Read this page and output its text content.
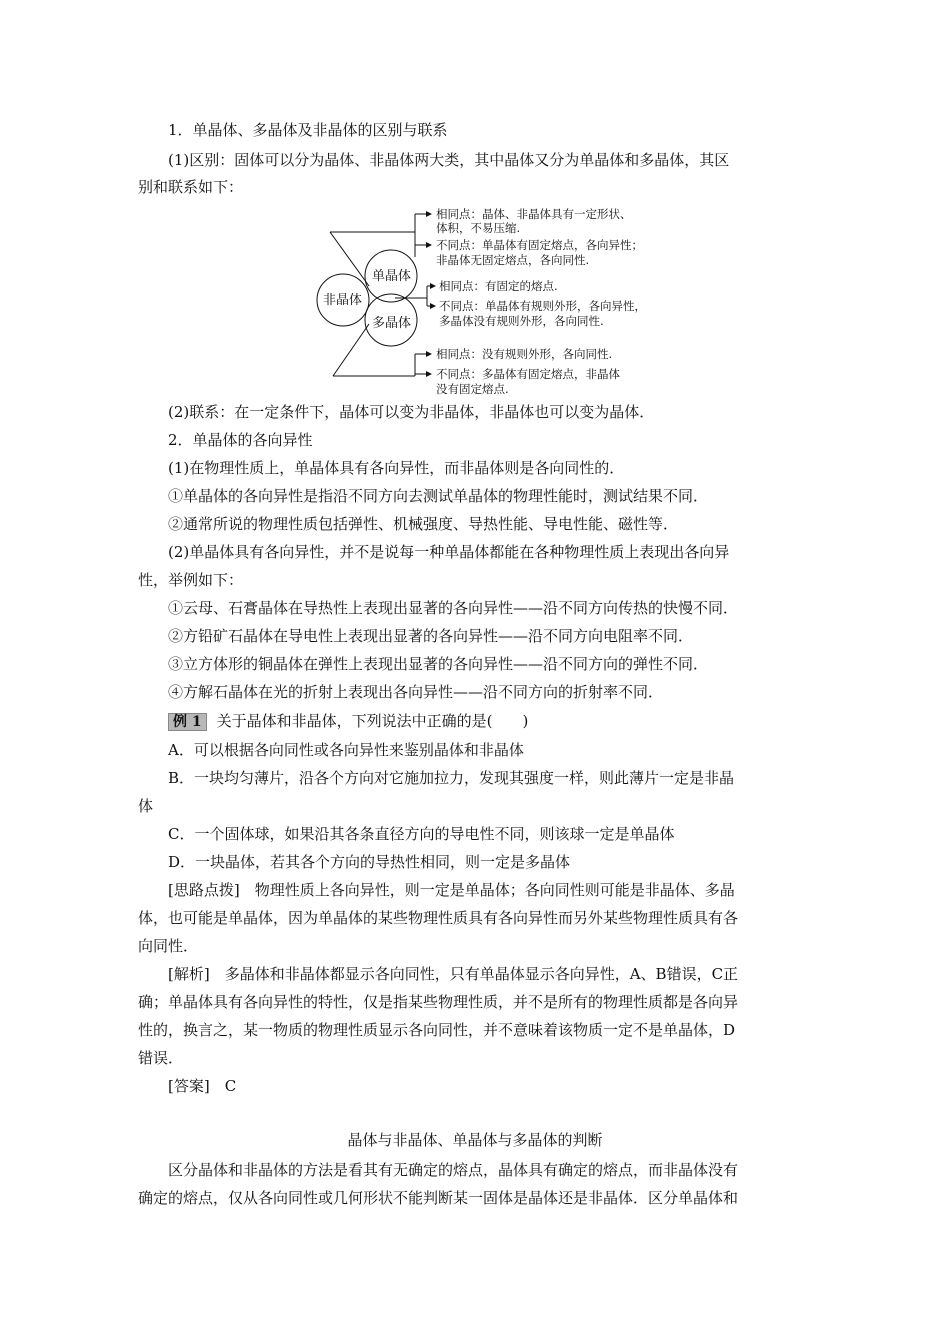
1．单晶体、多晶体及非晶体的区别与联系
(1)区别：固体可以分为晶体、非晶体两大类，其中晶体又分为单晶体和多晶体，其区
别和联系如下：
非晶体
单晶体
多晶体
相同点：晶体、非晶体具有一定形状、
体积，不易压缩.
不同点：单晶体有固定熔点，各向异性；
非晶体无固定熔点，各向同性.
相同点：有固定的熔点.
不同点：单晶体有规则外形，各向异性，
多晶体没有规则外形，各向同性.
相同点：没有规则外形，各向同性.
不同点：多晶体有固定熔点，非晶体
没有固定熔点.
(2)联系：在一定条件下，晶体可以变为非晶体，非晶体也可以变为晶体．
2．单晶体的各向异性
(1)在物理性质上，单晶体具有各向异性，而非晶体则是各向同性的．
①单晶体的各向异性是指沿不同方向去测试单晶体的物理性能时，测试结果不同．
②通常所说的物理性质包括弹性、机械强度、导热性能、导电性能、磁性等．
(2)单晶体具有各向异性，并不是说每一种单晶体都能在各种物理性质上表现出各向异
性，举例如下：
①云母、石膏晶体在导热性上表现出显著的各向异性——沿不同方向传热的快慢不同．
②方铅矿石晶体在导电性上表现出显著的各向异性——沿不同方向电阻率不同．
③立方体形的铜晶体在弹性上表现出显著的各向异性——沿不同方向的弹性不同．
④方解石晶体在光的折射上表现出各向异性——沿不同方向的折射率不同．
例 1 关于晶体和非晶体，下列说法中正确的是(　　)
A．可以根据各向同性或各向异性来鉴别晶体和非晶体
B．一块均匀薄片，沿各个方向对它施加拉力，发现其强度一样，则此薄片一定是非晶
体
C．一个固体球，如果沿其各条直径方向的导电性不同，则该球一定是单晶体
D．一块晶体，若其各个方向的导热性相同，则一定是多晶体
[思路点拨]　物理性质上各向异性，则一定是单晶体；各向同性则可能是非晶体、多晶
体，也可能是单晶体，因为单晶体的某些物理性质具有各向异性而另外某些物理性质具有各
向同性．
[解析]　多晶体和非晶体都显示各向同性，只有单晶体显示各向异性，A、B错误，C正
确；单晶体具有各向异性的特性，仅是指某些物理性质，并不是所有的物理性质都是各向异
性的，换言之，某一物质的物理性质显示各向同性，并不意味着该物质一定不是单晶体，D
错误．
[答案]　C
晶体与非晶体、单晶体与多晶体的判断
区分晶体和非晶体的方法是看其有无确定的熔点，晶体具有确定的熔点，而非晶体没有
确定的熔点，仅从各向同性或几何形状不能判断某一固体是晶体还是非晶体．区分单晶体和
